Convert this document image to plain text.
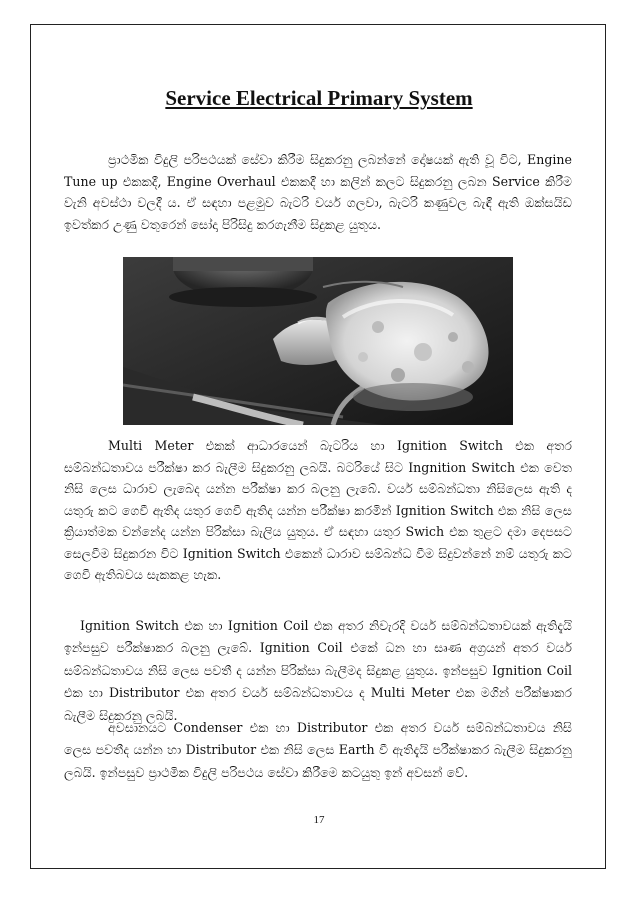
Service Electrical Primary System

ප්‍රාථමික විදුලි පරිපථයක් සේවා කිරීම සිදුකරනු ලබන්නේ දෝෂයක් ඇති වූ විට, Engine Tune up එකකදී, Engine Overhaul එකකදී හා කලින් කලට සිදුකරනු ලබන Service කිරීම වැනි අවස්ථා වලදී ය. ඒ සඳහා පළමුව බැටරි වයර් ගලවා, බැටරි කණුවල බැඳී ඇති ඔක්සයිඩ ඉවත්කර උණු වතුරෙන් සෝදා පිරිසිදු කරගැනීම සිදුකළ යුතුය.

Multi Meter එකක් ආධාරයෙන් බැටරිය හා Ignition Switch එක අතර සම්බන්ධතාවය පරීක්ෂා කර බැලීම සිදුකරනු ලබයි. බටරියේ සිට Ingnition Switch එක වෙත නිසි ලෙස ධාරාව ලැබෙද යන්න පරීක්ෂා කර බලනු ලැබේ. වයර් සම්බන්ධතා නිසිලෙස ඇති ද යතුරු කට ගෙවී ඇතිද යතුර ගෙවී ඇතිද යන්න පරීක්ෂා කරමින් Ignition Switch එක නිසි ලෙස ක්‍රියාත්මක වන්නේද යන්න පිරික්සා බැලිය යුතුය. ඒ සඳහා යතුර Swich එක තුළට දමා දෙපසට සෙලවීම සිදුකරන විට Ignition Switch එකෙන් ධාරාව සම්බන්ධ වීම සිදුවන්නේ නම් යතුරු කට ගෙවී ඇතිබවය සැකකළ හැක.

Ignition Switch එක හා Ignition Coil එක අතර නිවැරදි වයර් සම්බන්ධතාවයක් ඇතිදැයි ඉන්පසුව පරීක්ෂාකර බලනු ලැබේ. Ignition Coil එකේ ධන හා සෘණ අග්‍රයන් අතර වයර් සම්බන්ධතාවය නිසි ලෙස පවතී ද යන්න පිරික්සා බැලීමද සිදුකළ යුතුය. ඉන්පසුව Ignition Coil එක හා Distributor එක අතර වයර් සම්බන්ධතාවය ද Multi Meter එක මගින් පරීක්ෂාකර බැලීම සිදුකරනු ලබයි.

අවසානයට Condenser එක හා Distributor එක අතර වයර් සම්බන්ධතාවය නිසි ලෙස පවතීද යන්න හා Distributor එක නිසි ලෙස Earth වී ඇතිදැයි පරීක්ෂාකර බැලීම සිදුකරනු ලබයි. ඉන්පසුව ප්‍රාථමික විදුලි පරිපථය සේවා කිරීමෙ කටයුතු ඉන් අවසන් වේ.

17
